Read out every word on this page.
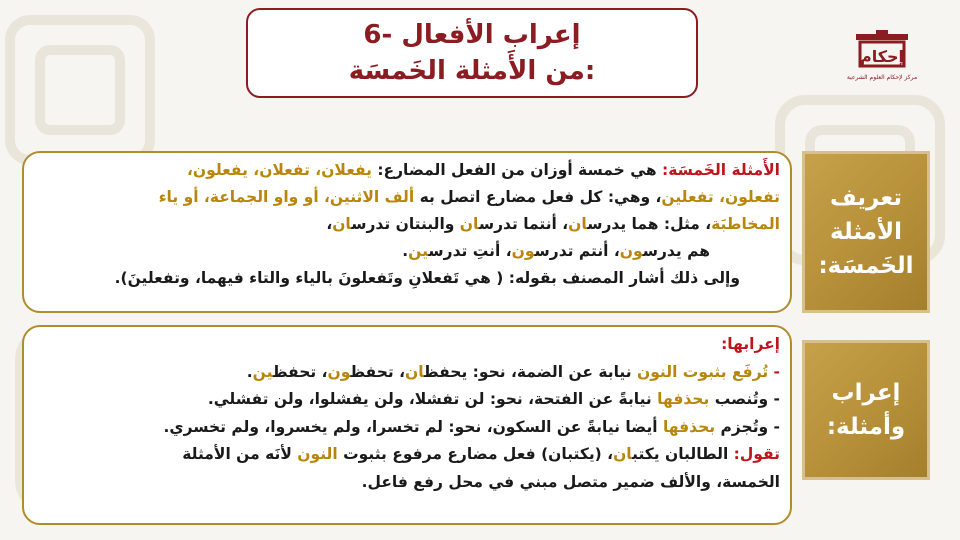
6- إعراب الأفعال
من الأَمثلة الخَمسَة:	إحكام
مركز لإحكام العلوم الشرعية
الأَمثلة الخَمسَة: هي خمسة أوزان من الفعل المضارع: يفعلان، تفعلان، يفعلون،
تفعلون، تفعلين، وهي: كل فعل مضارع اتصل به ألف الاثنين، أو واو الجماعة، أو ياء
المخاطبَة، مثل: هما يدرسان، أنتما تدرسان والبنتان تدرسان،
هم يدرسون، أنتم تدرسون، أنتِ تدرسين.
وإلى ذلك أشار المصنف بقوله: ( هي تَفعلانِ وتَفعلونَ بالياء والتاء فيهما، وتفعلينَ).
تعريف الأمثلة الخَمسَة:
إعرابها:
- تُرفَع بثبوت النون نيابة عن الضمة، نحو: يحفظان، تحفظون، تحفظين.
- وتُنصب بحذفها نيابةً عن الفتحة، نحو: لن تفشلا، ولن يفشلوا، ولن تفشلي.
- وتُجزم بحذفها أيضا نيابةً عن السكون، نحو: لم تخسرا، ولم يخسروا، ولم تخسري.
تقول: الطالبان يكتبان، (يكتبان) فعل مضارع مرفوع بثبوت النون لأنَه من الأمثلة
الخمسة، والألف ضمير متصل مبني في محل رفع فاعل.
إعراب وأمثلة:
